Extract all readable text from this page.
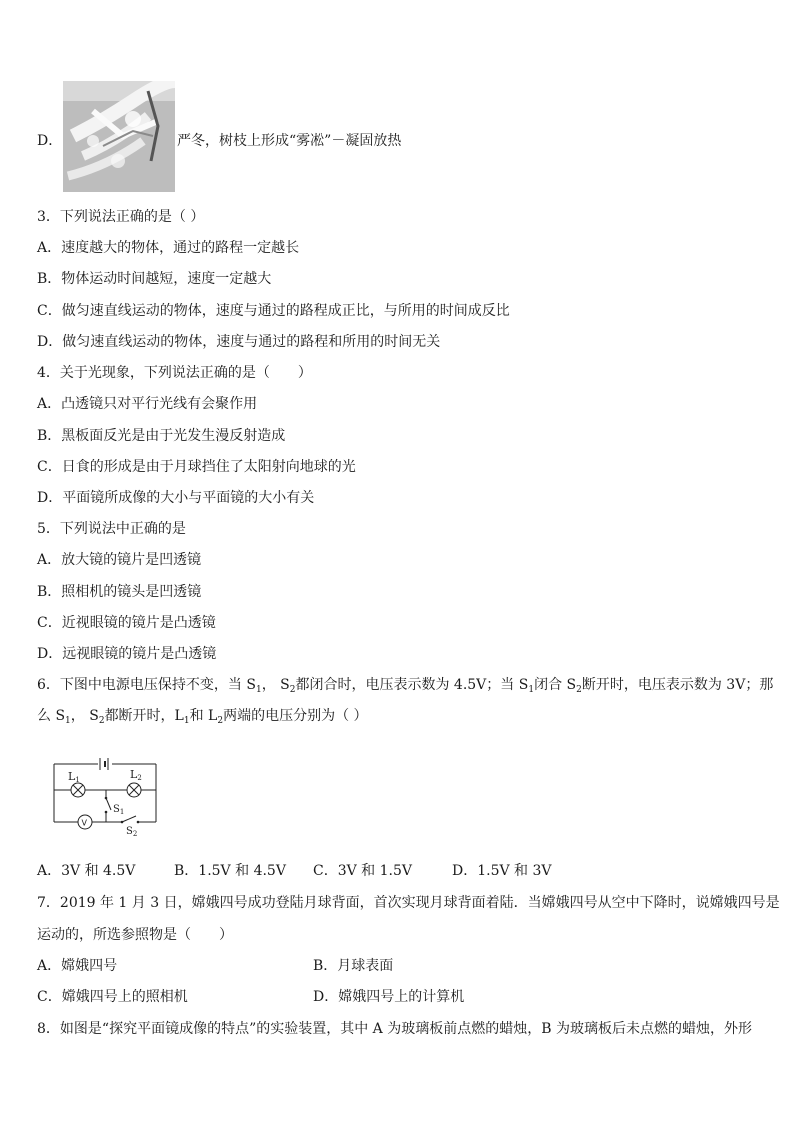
D．	严冬，树枝上形成“雾凇”－凝固放热
3．下列说法正确的是（ ）
A．速度越大的物体，通过的路程一定越长
B．物体运动时间越短，速度一定越大
C．做匀速直线运动的物体，速度与通过的路程成正比，与所用的时间成反比
D．做匀速直线运动的物体，速度与通过的路程和所用的时间无关
4．关于光现象，下列说法正确的是（　　）
A．凸透镜只对平行光线有会聚作用
B．黑板面反光是由于光发生漫反射造成
C．日食的形成是由于月球挡住了太阳射向地球的光
D．平面镜所成像的大小与平面镜的大小有关
5．下列说法中正确的是
A．放大镜的镜片是凹透镜
B．照相机的镜头是凹透镜
C．近视眼镜的镜片是凸透镜
D．远视眼镜的镜片是凸透镜
6．下图中电源电压保持不变，当 $S_1$， $S_2$都闭合时，电压表示数为 4.5V；当 $S_1$闭合 $S_2$断开时，电压表示数为 3V；那
么 $S_1$， $S_2$都断开时，$L_1$和 $L_2$两端的电压分别为（ ）
L1	L2
$S_1$
$S_2$
V
A．3V 和 4.5V	B．1.5V 和 4.5V C．3V 和 1.5V	D．1.5V 和 3V
7．2019 年 1 月 3 日，嫦娥四号成功登陆月球背面，首次实现月球背面着陆．当嫦娥四号从空中下降时，说嫦娥四号是
运动的，所选参照物是（　　）
A．嫦娥四号	B．月球表面
C．嫦娥四号上的照相机	D．嫦娥四号上的计算机
8．如图是“探究平面镜成像的特点”的实验装置，其中 A 为玻璃板前点燃的蜡烛，B 为玻璃板后未点燃的蜡烛，外形
